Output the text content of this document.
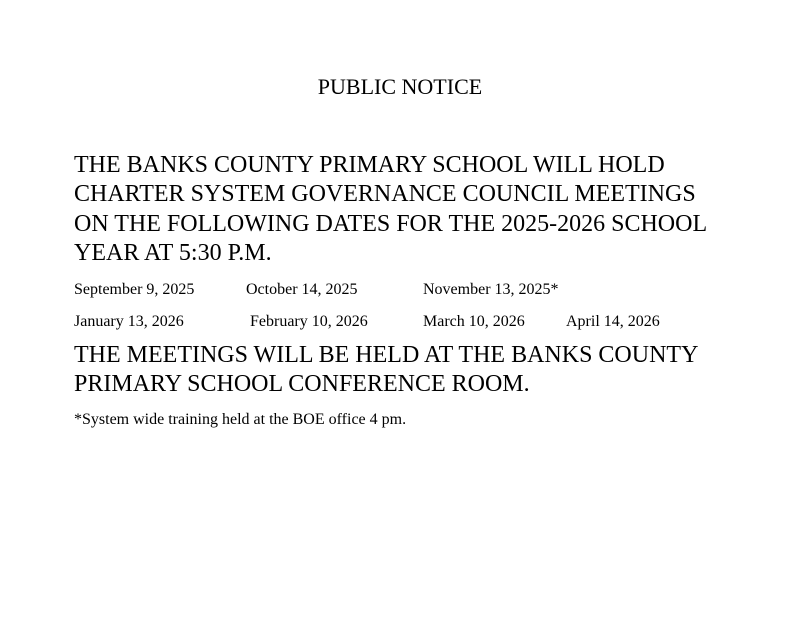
PUBLIC NOTICE
THE BANKS COUNTY PRIMARY SCHOOL WILL HOLD
CHARTER SYSTEM GOVERNANCE COUNCIL MEETINGS
ON THE FOLLOWING DATES FOR THE 2025-2026 SCHOOL
YEAR AT 5:30 P.M.
September 9, 2025	October 14, 2025	November 13, 2025*
January 13, 2026	February 10, 2026	March 10, 2026	April 14, 2026
THE MEETINGS WILL BE HELD AT THE BANKS COUNTY
PRIMARY SCHOOL CONFERENCE ROOM.
*System wide training held at the BOE office 4 pm.
